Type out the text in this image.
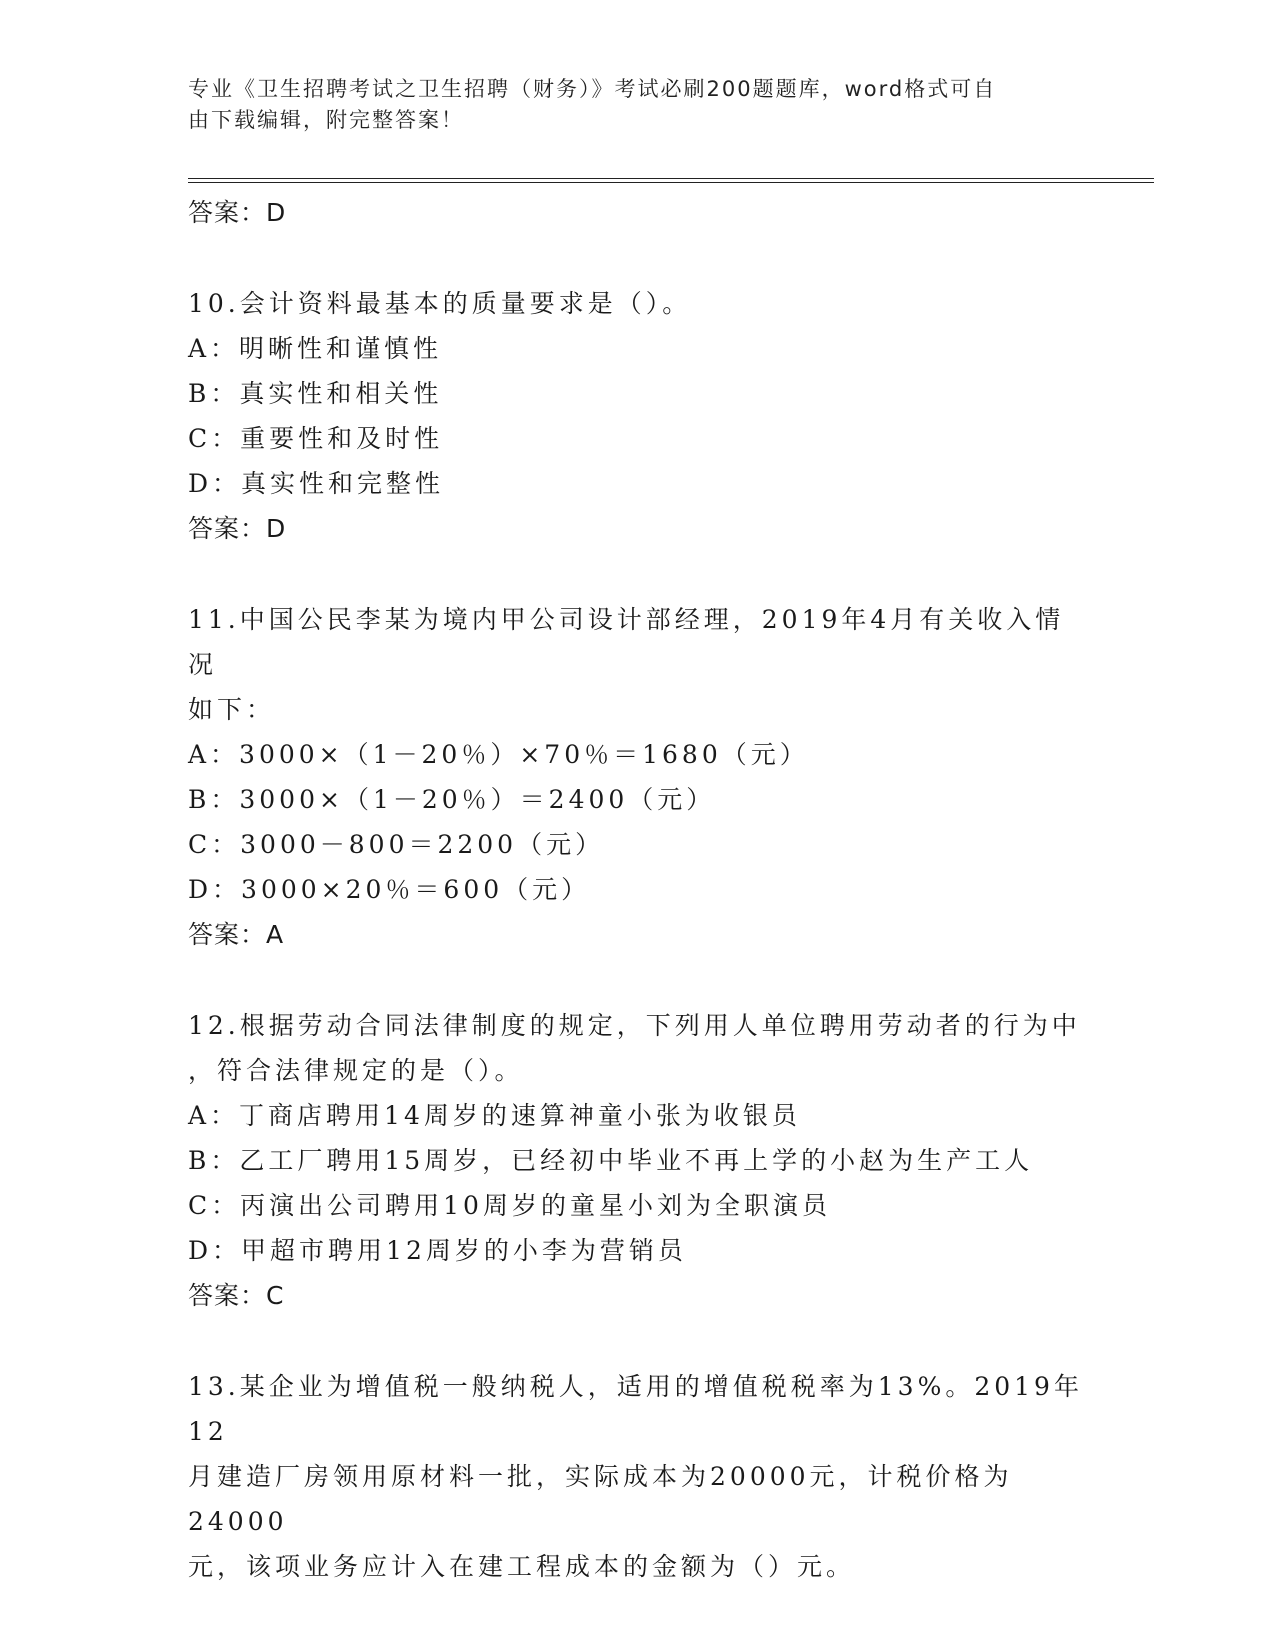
专业《卫生招聘考试之卫生招聘（财务）》考试必刷200题题库，word格式可自
由下载编辑，附完整答案！

答案：D

10.会计资料最基本的质量要求是（）。

A：明晰性和谨慎性

B：真实性和相关性

C：重要性和及时性

D：真实性和完整性

答案：D

11.中国公民李某为境内甲公司设计部经理，2019年4月有关收入情况

如下：

A：3000×（1－20％）×70％＝1680（元）

B：3000×（1－20％）＝2400（元）

C：3000－800＝2200（元）

D：3000×20％＝600（元）

答案：A

12.根据劳动合同法律制度的规定，下列用人单位聘用劳动者的行为中

，符合法律规定的是（）。

A：丁商店聘用14周岁的速算神童小张为收银员

B：乙工厂聘用15周岁，已经初中毕业不再上学的小赵为生产工人

C：丙演出公司聘用10周岁的童星小刘为全职演员

D：甲超市聘用12周岁的小李为营销员

答案：C

13.某企业为增值税一般纳税人，适用的增值税税率为13%。2019年12

月建造厂房领用原材料一批，实际成本为20000元，计税价格为24000

元，该项业务应计入在建工程成本的金额为（）元。
